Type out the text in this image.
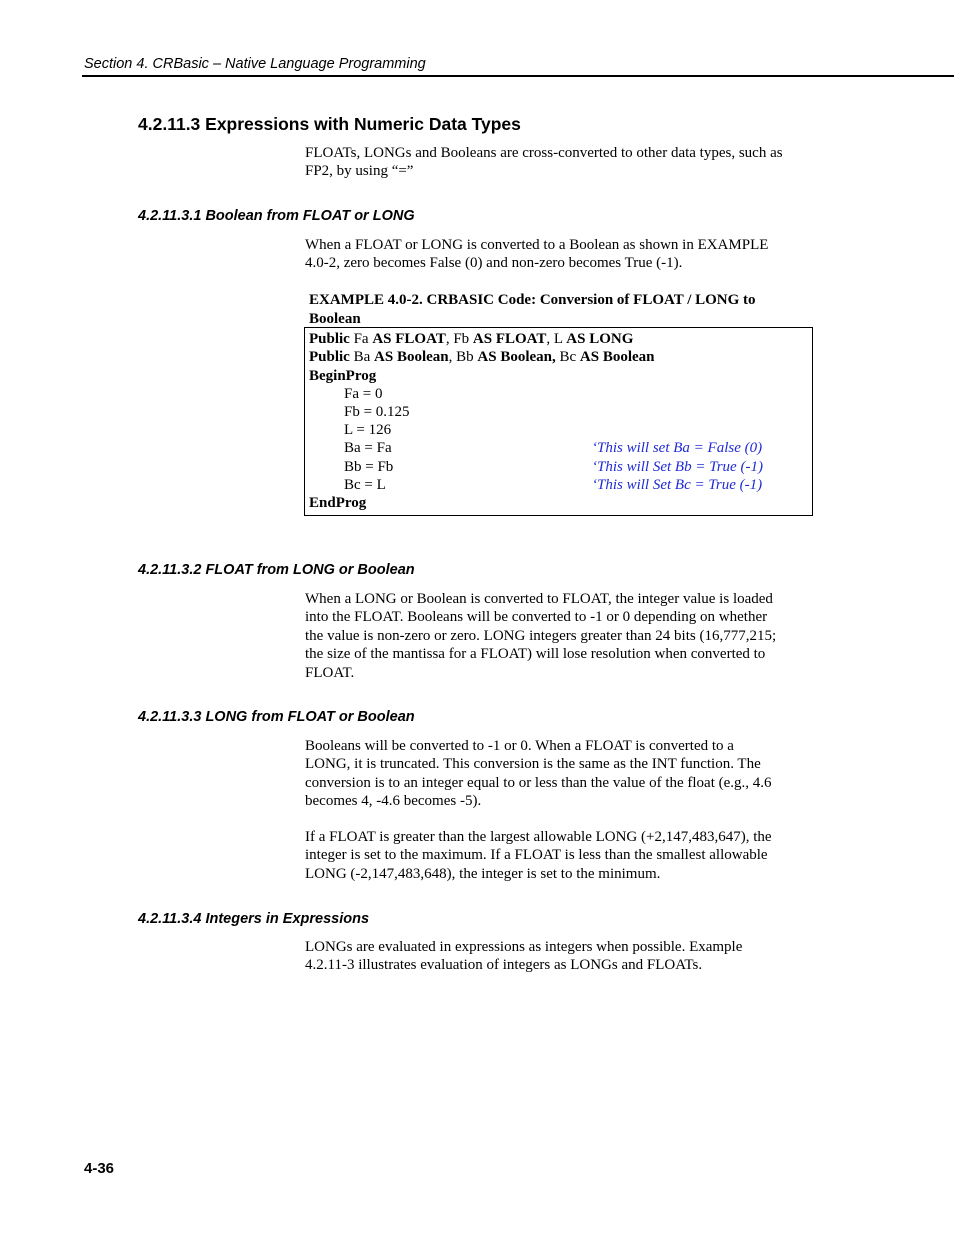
Section 4. CRBasic – Native Language Programming
4.2.11.3 Expressions with Numeric Data Types

FLOATs, LONGs and Booleans are cross-converted to other data types, such as

FP2, by using “=”

4.2.11.3.1 Boolean from FLOAT or LONG

When a FLOAT or LONG is converted to a Boolean as shown in EXAMPLE

4.0-2, zero becomes False (0) and non-zero becomes True (-1).

EXAMPLE 4.0-2. CRBASIC Code: Conversion of FLOAT / LONG to
Boolean
Public Fa AS FLOAT, Fb AS FLOAT, L AS LONG
Public Ba AS Boolean, Bb AS Boolean, Bc AS Boolean
BeginProg
Fa = 0
Fb = 0.125
L = 126
Ba = Fa	‘This will set Ba = False (0)
Bb = Fb	‘This will Set Bb = True (-1)
Bc = L	‘This will Set Bc = True (-1)
EndProg
4.2.11.3.2 FLOAT from LONG or Boolean

When a LONG or Boolean is converted to FLOAT, the integer value is loaded

into the FLOAT. Booleans will be converted to -1 or 0 depending on whether

the value is non-zero or zero. LONG integers greater than 24 bits (16,777,215;

the size of the mantissa for a FLOAT) will lose resolution when converted to

FLOAT.

4.2.11.3.3 LONG from FLOAT or Boolean

Booleans will be converted to -1 or 0. When a FLOAT is converted to a

LONG, it is truncated. This conversion is the same as the INT function. The

conversion is to an integer equal to or less than the value of the float (e.g., 4.6

becomes 4, -4.6 becomes -5).

If a FLOAT is greater than the largest allowable LONG (+2,147,483,647), the

integer is set to the maximum. If a FLOAT is less than the smallest allowable

LONG (-2,147,483,648), the integer is set to the minimum.

4.2.11.3.4 Integers in Expressions

LONGs are evaluated in expressions as integers when possible. Example

4.2.11-3 illustrates evaluation of integers as LONGs and FLOATs.

4-36
